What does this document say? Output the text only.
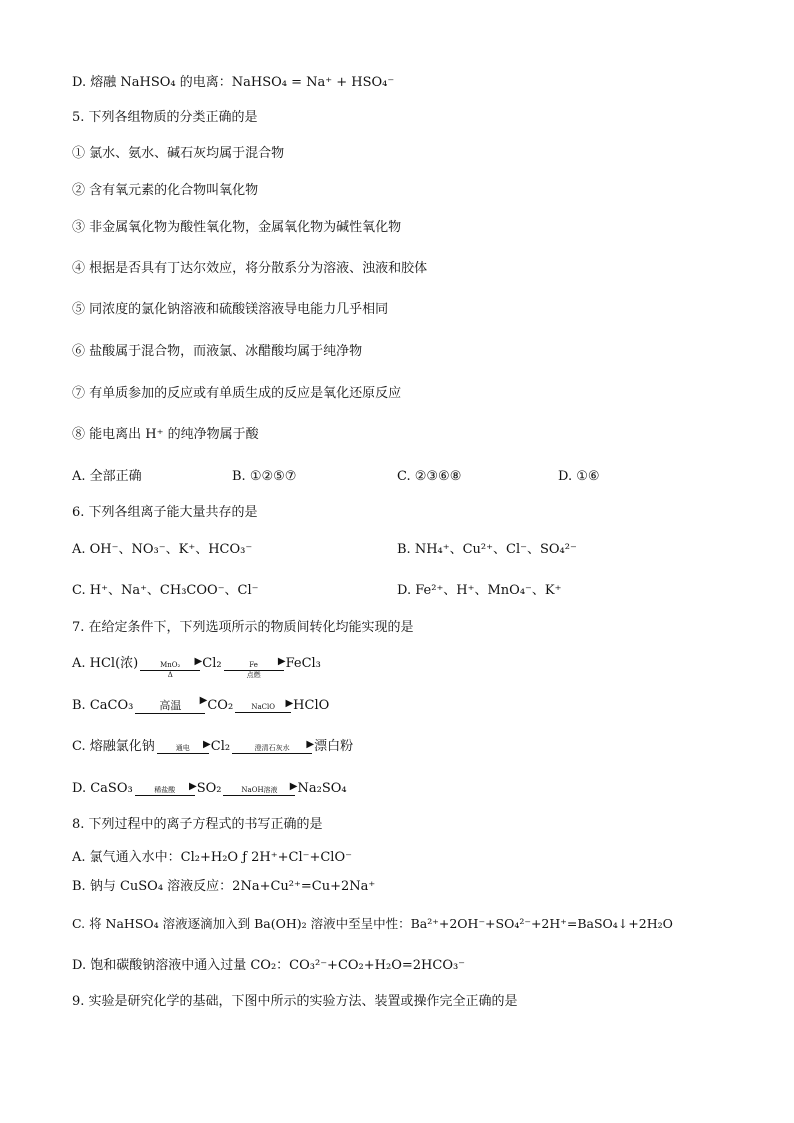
D. 熔融 NaHSO₄ 的电离：NaHSO₄ = Na⁺ + HSO₄⁻
5. 下列各组物质的分类正确的是
① 氯水、氨水、碱石灰均属于混合物
② 含有氧元素的化合物叫氧化物
③ 非金属氧化物为酸性氧化物，金属氧化物为碱性氧化物
④ 根据是否具有丁达尔效应，将分散系分为溶液、浊液和胶体
⑤ 同浓度的氯化钠溶液和硫酸镁溶液导电能力几乎相同
⑥ 盐酸属于混合物，而液氯、冰醋酸均属于纯净物
⑦ 有单质参加的反应或有单质生成的反应是氧化还原反应
⑧ 能电离出 H⁺ 的纯净物属于酸
A. 全部正确	B. ①②⑤⑦	C. ②③⑥⑧	D. ①⑥
6. 下列各组离子能大量共存的是
A. OH⁻、NO₃⁻、K⁺、HCO₃⁻	B. NH₄⁺、Cu²⁺、Cl⁻、SO₄²⁻
C. H⁺、Na⁺、CH₃COO⁻、Cl⁻	D. Fe²⁺、H⁺、MnO₄⁻、K⁺
7. 在给定条件下，下列选项所示的物质间转化均能实现的是
A. HCl(浓)	MnO₂	▶
Δ
Cl₂	Fe	▶
点燃
FeCl₃
B. CaCO₃	高温	▶ CO₂	NaClO	▶ HClO
C. 熔融氯化钠	通电	▶ Cl₂	澄清石灰水	▶ 漂白粉
D. CaSO₃	稀盐酸	▶ SO₂	NaOH溶液	▶ Na₂SO₄
8. 下列过程中的离子方程式的书写正确的是
A. 氯气通入水中：Cl₂+H₂O ƒ 2H⁺+Cl⁻+ClO⁻
B. 钠与 CuSO₄ 溶液反应：2Na+Cu²⁺=Cu+2Na⁺
C. 将 NaHSO₄ 溶液逐滴加入到 Ba(OH)₂ 溶液中至呈中性：Ba²⁺+2OH⁻+SO₄²⁻+2H⁺=BaSO₄↓+2H₂O
D. 饱和碳酸钠溶液中通入过量 CO₂：CO₃²⁻+CO₂+H₂O=2HCO₃⁻
9. 实验是研究化学的基础，下图中所示的实验方法、装置或操作完全正确的是
